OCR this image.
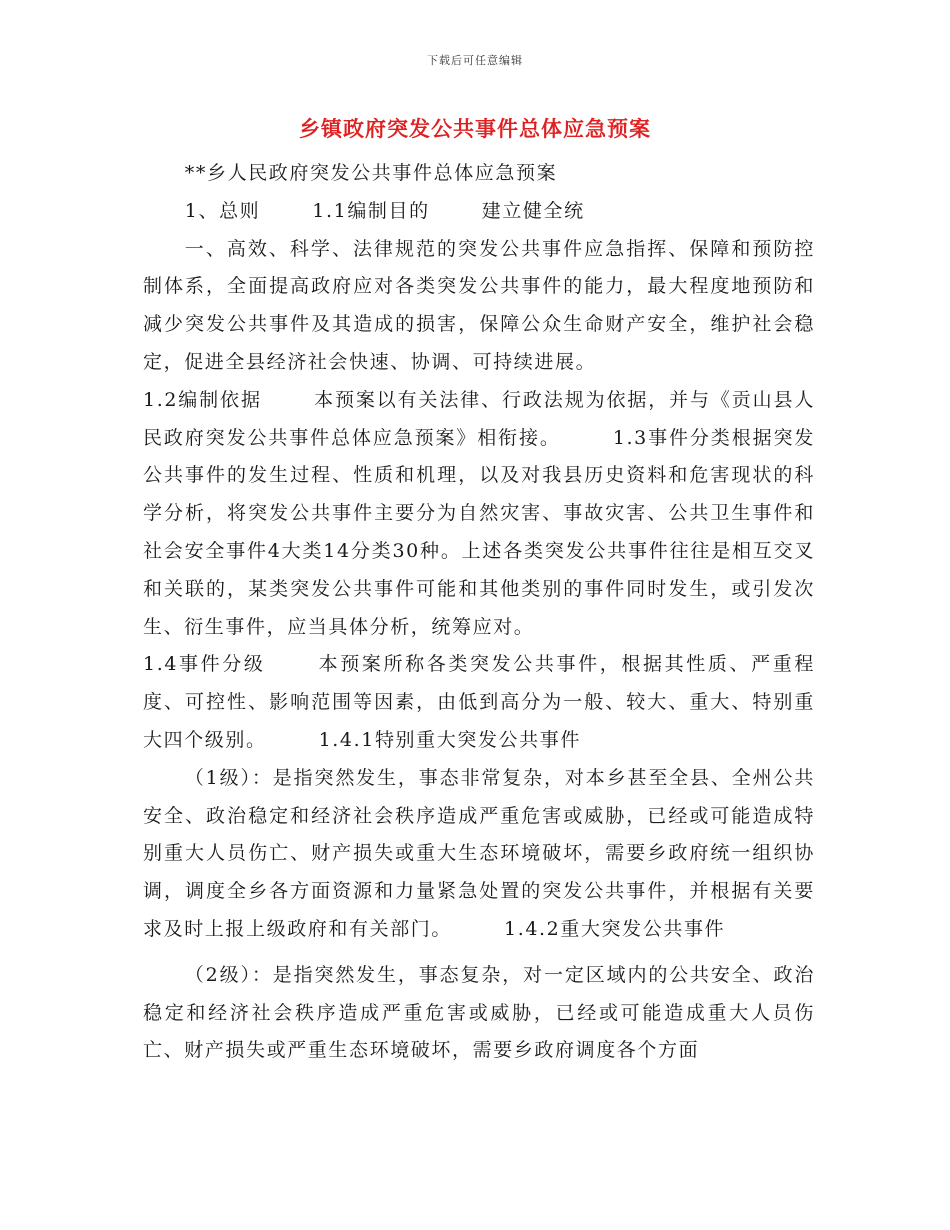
下载后可任意编辑
乡镇政府突发公共事件总体应急预案

**乡人民政府突发公共事件总体应急预案

1、总则	1.1编制目的	建立健全统

一、高效、科学、法律规范的突发公共事件应急指挥、保障和预防控制体系，全面提高政府应对各类突发公共事件的能力，最大程度地预防和减少突发公共事件及其造成的损害，保障公众生命财产安全，维护社会稳定，促进全县经济社会快速、协调、可持续进展。

1.2编制依据	本预案以有关法律、行政法规为依据，并与《贡山县人民政府突发公共事件总体应急预案》相衔接。	1.3事件分类根据突发公共事件的发生过程、性质和机理，以及对我县历史资料和危害现状的科学分析，将突发公共事件主要分为自然灾害、事故灾害、公共卫生事件和社会安全事件4大类14分类30种。上述各类突发公共事件往往是相互交叉和关联的，某类突发公共事件可能和其他类别的事件同时发生，或引发次生、衍生事件，应当具体分析，统筹应对。

1.4事件分级	本预案所称各类突发公共事件，根据其性质、严重程度、可控性、影响范围等因素，由低到高分为一般、较大、重大、特别重大四个级别。	1.4.1特别重大突发公共事件

（1级）：是指突然发生，事态非常复杂，对本乡甚至全县、全州公共安全、政治稳定和经济社会秩序造成严重危害或威胁，已经或可能造成特别重大人员伤亡、财产损失或重大生态环境破坏，需要乡政府统一组织协调，调度全乡各方面资源和力量紧急处置的突发公共事件，并根据有关要求及时上报上级政府和有关部门。	1.4.2重大突发公共事件

（2级）：是指突然发生，事态复杂，对一定区域内的公共安全、政治稳定和经济社会秩序造成严重危害或威胁，已经或可能造成重大人员伤亡、财产损失或严重生态环境破坏，需要乡政府调度各个方面
